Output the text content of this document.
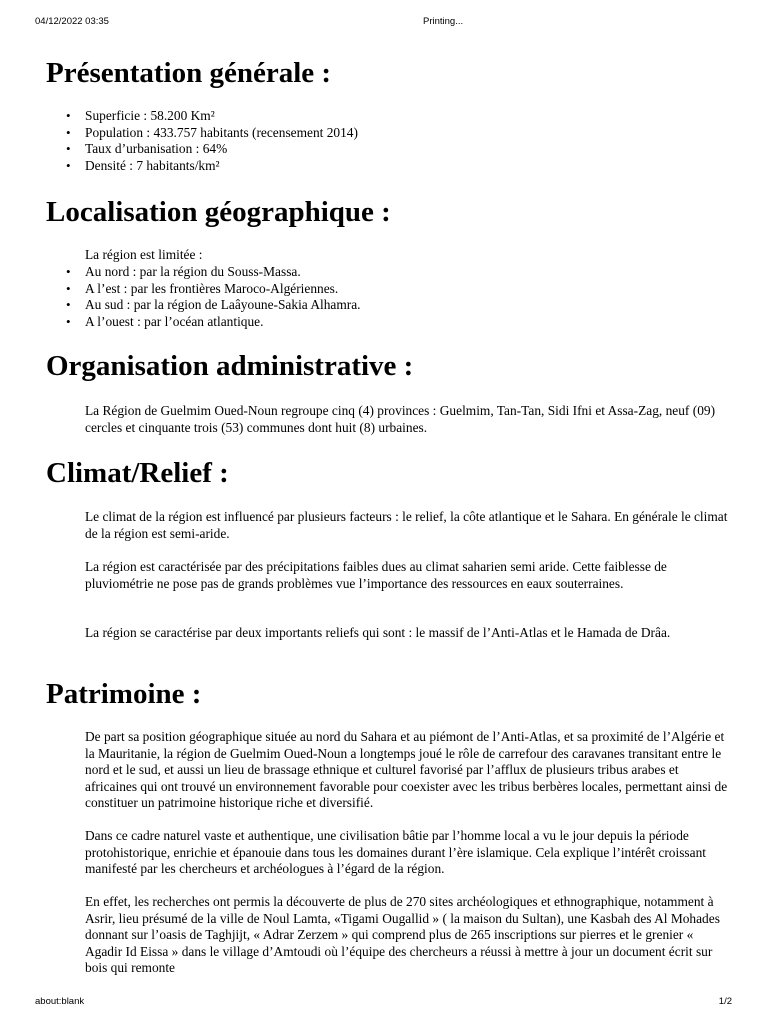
04/12/2022 03:35	Printing...
Présentation générale :
• Superficie : 58.200 Km²
• Population : 433.757 habitants (recensement 2014)
• Taux d’urbanisation : 64%
• Densité : 7 habitants/km²
Localisation géographique :
La région est limitée :
• Au nord : par la région du Souss-Massa.
• A l’est : par les frontières Maroco-Algériennes.
• Au sud : par la région de Laâyoune-Sakia Alhamra.
• A l’ouest : par l’océan atlantique.
Organisation administrative :

La Région de Guelmim Oued-Noun regroupe cinq (4) provinces : Guelmim, Tan-Tan, Sidi Ifni et Assa-Zag, neuf (09) cercles et cinquante trois (53) communes dont huit (8) urbaines.

Climat/Relief :

Le climat de la région est influencé par plusieurs facteurs : le relief, la côte atlantique et le Sahara. En générale le climat de la région est semi-aride.

La région est caractérisée par des précipitations faibles dues au climat saharien semi aride. Cette faiblesse de pluviométrie ne pose pas de grands problèmes vue l’importance des ressources en eaux souterraines.

La région se caractérise par deux importants reliefs qui sont : le massif de l’Anti-Atlas et le Hamada de Drâa.

Patrimoine :

De part sa position géographique située au nord du Sahara et au piémont de l’Anti-Atlas, et sa proximité de l’Algérie et la Mauritanie, la région de Guelmim Oued-Noun a longtemps joué le rôle de carrefour des caravanes transitant entre le nord et le sud, et aussi un lieu de brassage ethnique et culturel favorisé par l’afflux de plusieurs tribus arabes et africaines qui ont trouvé un environnement favorable pour coexister avec les tribus berbères locales, permettant ainsi de constituer un patrimoine historique riche et diversifié.

Dans ce cadre naturel vaste et authentique, une civilisation bâtie par l’homme local a vu le jour depuis la période protohistorique, enrichie et épanouie dans tous les domaines durant l’ère islamique. Cela explique l’intérêt croissant manifesté par les chercheurs et archéologues à l’égard de la région.

En effet, les recherches ont permis la découverte de plus de 270 sites archéologiques et ethnographique, notamment à Asrir, lieu présumé de la ville de Noul Lamta, «Tigami Ougallid » ( la maison du Sultan), une Kasbah des Al Mohades donnant sur l’oasis de Taghjijt, « Adrar Zerzem » qui comprend plus de 265 inscriptions sur pierres et le grenier « Agadir Id Eissa » dans le village d’Amtoudi où l’équipe des chercheurs a réussi à mettre à jour un document écrit sur bois qui remonte

about:blank	1/2
